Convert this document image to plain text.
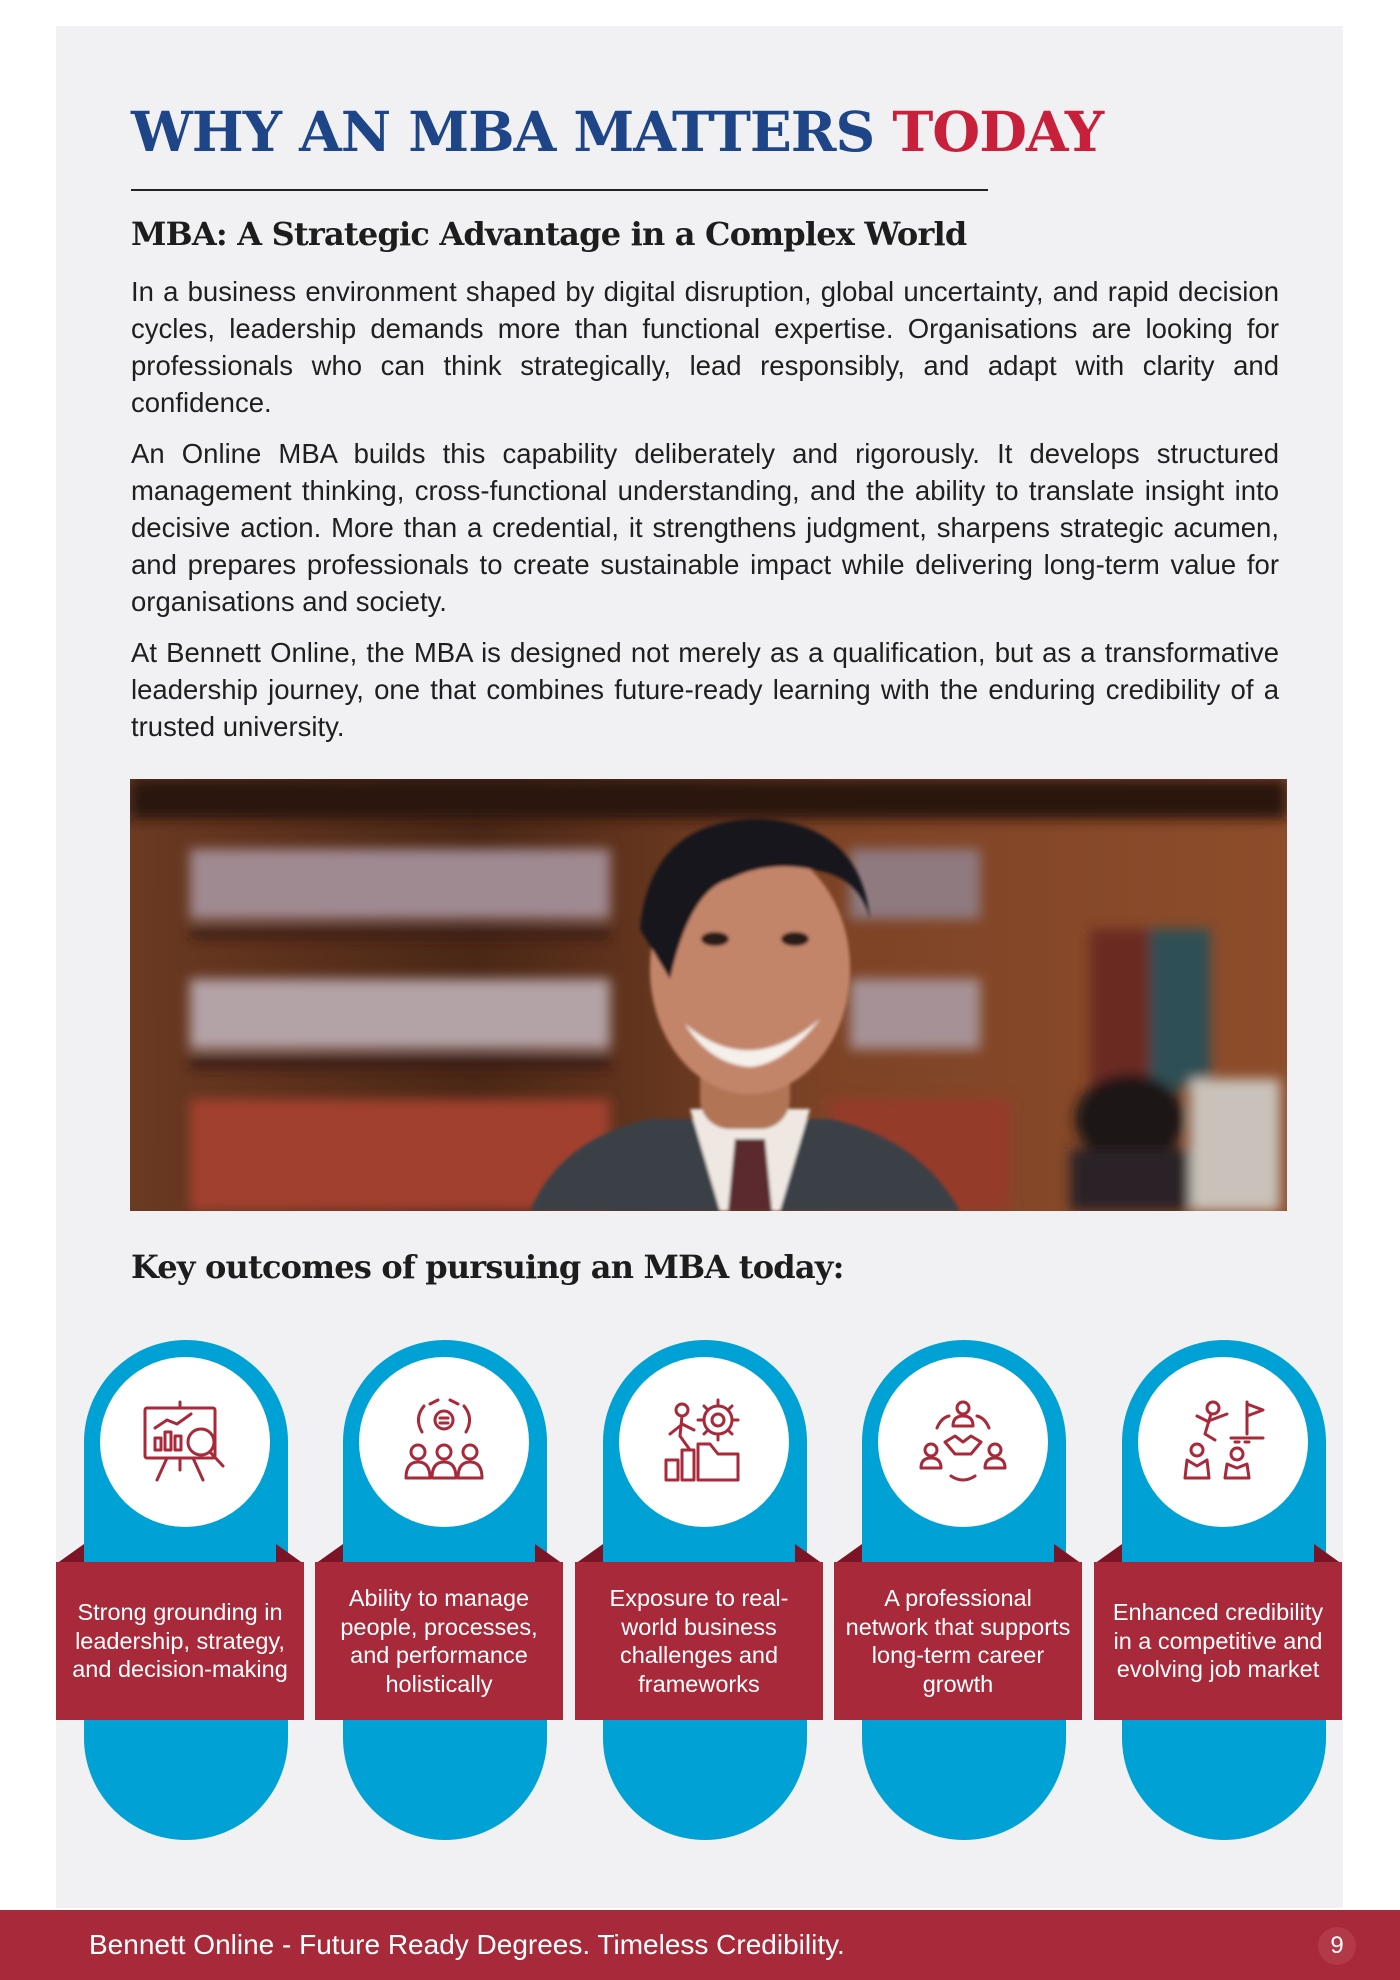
WHY AN MBA MATTERS TODAY
MBA: A Strategic Advantage in a Complex World

In a business environment shaped by digital disruption, global uncertainty, and rapid decision cycles, leadership demands more than functional expertise. Organisations are looking for professionals who can think strategically, lead responsibly, and adapt with clarity and confidence.

An Online MBA builds this capability deliberately and rigorously. It develops structured management thinking, cross-functional understanding, and the ability to translate insight into decisive action. More than a credential, it strengthens judgment, sharpens strategic acumen, and prepares professionals to create sustainable impact while delivering long-term value for organisations and society.

At Bennett Online, the MBA is designed not merely as a qualification, but as a transformative leadership journey, one that combines future-ready learning with the enduring credibility of a trusted university.

Key outcomes of pursuing an MBA today:
Strong grounding in leadership, strategy, and decision-making
Ability to manage people, processes, and performance holistically
Exposure to real-world business challenges and frameworks
A professional network that supports long-term career growth
Enhanced credibility in a competitive and evolving job market
Bennett Online - Future Ready Degrees. Timeless Credibility.	9
